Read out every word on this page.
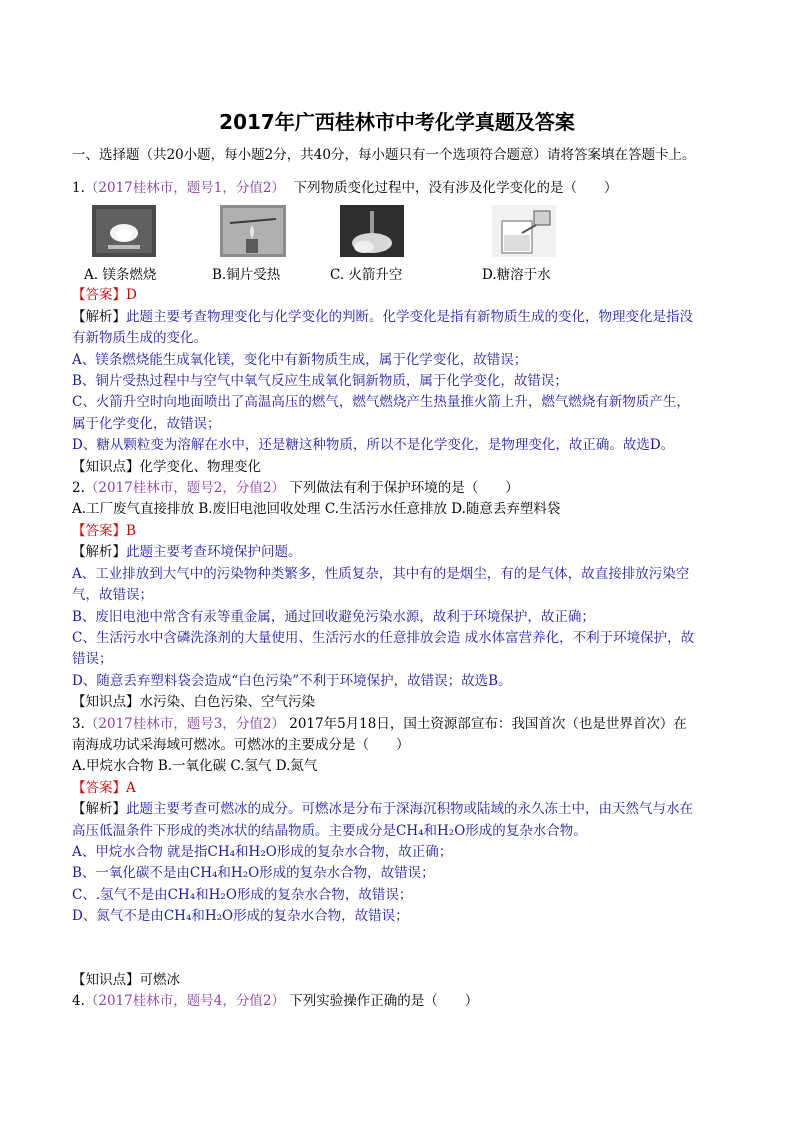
2017年广西桂林市中考化学真题及答案
一、选择题（共20小题，每小题2分，共40分，每小题只有一个选项符合题意）请将答案填在答题卡上。
1.（2017桂林市，题号1，分值2） 下列物质变化过程中，没有涉及化学变化的是（　　）
A. 镁条燃烧	B.铜片受热	C. 火箭升空	D.糖溶于水
【答案】D
【解析】此题主要考查物理变化与化学变化的判断。化学变化是指有新物质生成的变化，物理变化是指没
有新物质生成的变化。
A、镁条燃烧能生成氧化镁，变化中有新物质生成，属于化学变化，故错误；
B、铜片受热过程中与空气中氧气反应生成氧化铜新物质，属于化学变化，故错误；
C、火箭升空时向地面喷出了高温高压的燃气，燃气燃烧产生热量推火箭上升，燃气燃烧有新物质产生，
属于化学变化，故错误；
D、糖从颗粒变为溶解在水中，还是糖这种物质，所以不是化学变化，是物理变化，故正确。故选D。
【知识点】化学变化、物理变化
2.（2017桂林市，题号2，分值2） 下列做法有利于保护环境的是（　　）
A.工厂废气直接排放 B.废旧电池回收处理 C.生活污水任意排放 D.随意丢弃塑料袋
【答案】B
【解析】此题主要考查环境保护问题。
A、工业排放到大气中的污染物种类繁多，性质复杂，其中有的是烟尘，有的是气体，故直接排放污染空
气，故错误；
B、废旧电池中常含有汞等重金属，通过回收避免污染水源，故利于环境保护，故正确；
C、生活污水中含磷洗涤剂的大量使用、生活污水的任意排放会造 成水体富营养化，不利于环境保护，故
错误；
D、随意丢弃塑料袋会造成“白色污染”不利于环境保护，故错误；故选B。
【知识点】水污染、白色污染、空气污染
3.（2017桂林市，题号3，分值2） 2017年5月18日，国土资源部宣布：我国首次（也是世界首次）在
南海成功试采海域可燃冰。可燃冰的主要成分是（　　）
A.甲烷水合物 B.一氧化碳 C.氢气 D.氮气
【答案】A
【解析】此题主要考查可燃冰的成分。可燃冰是分布于深海沉积物或陆域的永久冻土中，由天然气与水在
高压低温条件下形成的类冰状的结晶物质。主要成分是CH₄和H₂O形成的复杂水合物。
A、甲烷水合物 就是指CH₄和H₂O形成的复杂水合物，故正确；
B、一氧化碳不是由CH₄和H₂O形成的复杂水合物，故错误；
C、.氢气不是由CH₄和H₂O形成的复杂水合物，故错误；
D、氮气不是由CH₄和H₂O形成的复杂水合物，故错误；
【知识点】可燃冰
4.（2017桂林市，题号4，分值2） 下列实验操作正确的是（　　）
